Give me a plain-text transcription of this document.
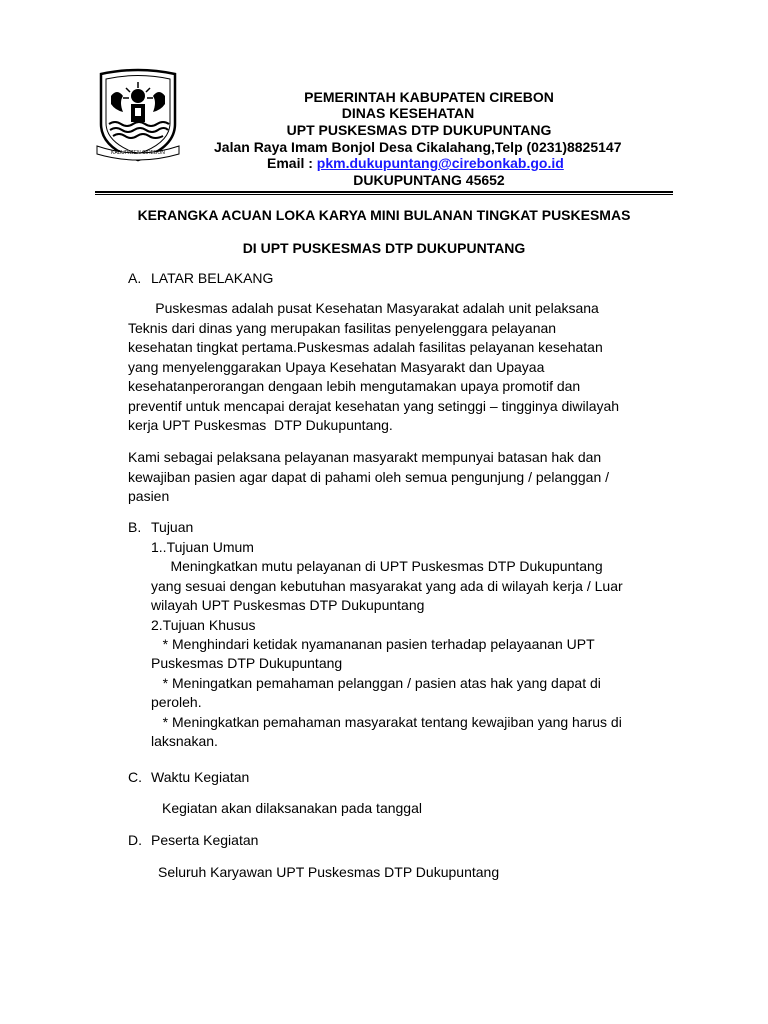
KABUPATEN CIREBON
PEMERINTAH KABUPATEN CIREBON
DINAS KESEHATAN
UPT PUSKESMAS DTP DUKUPUNTANG
Jalan Raya Imam Bonjol Desa Cikalahang,Telp (0231)8825147
Email : pkm.dukupuntang@cirebonkab.go.id
DUKUPUNTANG 45652
KERANGKA ACUAN LOKA KARYA MINI BULANAN TINGKAT PUSKESMAS
DI UPT PUSKESMAS DTP DUKUPUNTANG
A. LATAR BELAKANG
Puskesmas adalah pusat Kesehatan Masyarakat adalah unit pelaksana
Teknis dari dinas yang merupakan fasilitas penyelenggara pelayanan
kesehatan tingkat pertama.Puskesmas adalah fasilitas pelayanan kesehatan
yang menyelenggarakan Upaya Kesehatan Masyarakt dan Upayaa
kesehatanperorangan dengaan lebih mengutamakan upaya promotif dan
preventif untuk mencapai derajat kesehatan yang setinggi – tingginya diwilayah
kerja UPT Puskesmas  DTP Dukupuntang.
Kami sebagai pelaksana pelayanan masyarakt mempunyai batasan hak dan
kewajiban pasien agar dapat di pahami oleh semua pengunjung / pelanggan /
pasien
B. Tujuan
1..Tujuan Umum
Meningkatkan mutu pelayanan di UPT Puskesmas DTP Dukupuntang
yang sesuai dengan kebutuhan masyarakat yang ada di wilayah kerja / Luar
wilayah UPT Puskesmas DTP Dukupuntang
2.Tujuan Khusus
* Menghindari ketidak nyamananan pasien terhadap pelayaanan UPT
Puskesmas DTP Dukupuntang
* Meningatkan pemahaman pelanggan / pasien atas hak yang dapat di
peroleh.
* Meningkatkan pemahaman masyarakat tentang kewajiban yang harus di
laksnakan.
C. Waktu Kegiatan
Kegiatan akan dilaksanakan pada tanggal
D. Peserta Kegiatan
Seluruh Karyawan UPT Puskesmas DTP Dukupuntang
